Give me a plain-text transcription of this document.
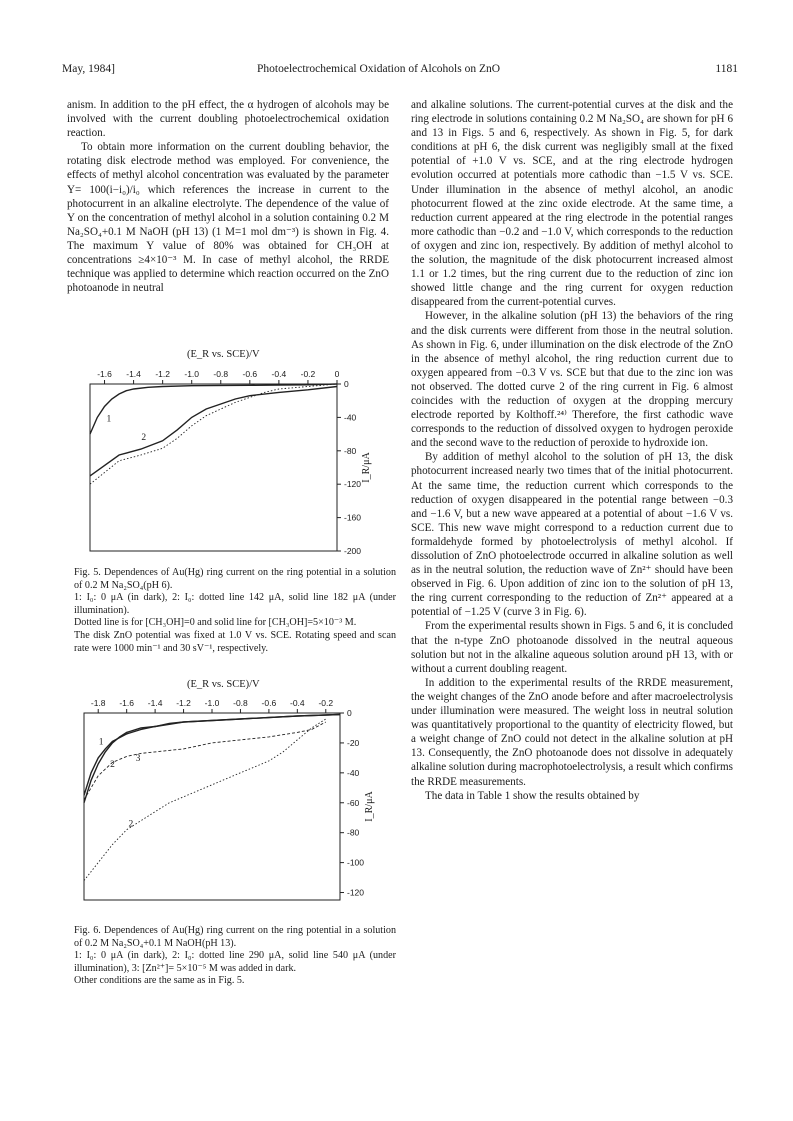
May, 1984]	Photoelectrochemical Oxidation of Alcohols on ZnO	1181

anism. In addition to the pH effect, the α hydrogen of alcohols may be involved with the current doubling photoelectrochemical oxidation reaction.

To obtain more information on the current doubling behavior, the rotating disk electrode method was employed. For convenience, the effects of methyl alcohol concentration was evaluated by the parameter Y= 100(i−i₀)/i₀ which references the increase in current to the photocurrent in an alkaline electrolyte. The dependence of the value of Y on the concentration of methyl alcohol in a solution containing 0.2 M Na₂SO₄+0.1 M NaOH (pH 13) (1 M=1 mol dm⁻³) is shown in Fig. 4. The maximum Y value of 80% was obtained for CH₃OH at concentrations ≥4×10⁻³ M. In case of methyl alcohol, the RRDE technique was applied to determine which reaction occurred on the ZnO photoanode in neutral

(E_R vs. SCE)/V
-1.6 -1.4 -1.2 -1.0 -0.8 -0.6 -0.4 -0.2 0
0
-40
-80
-120
-160
-200
I_R/μA
1
2

Fig. 5. Dependences of Au(Hg) ring current on the ring potential in a solution of 0.2 M Na₂SO₄(pH 6).

1: I₀: 0 μA (in dark), 2: I₀: dotted line 142 μA, solid line 182 μA (under illumination).

Dotted line is for [CH₃OH]=0 and solid line for [CH₃OH]=5×10⁻³ M.

The disk ZnO potential was fixed at 1.0 V vs. SCE. Rotating speed and scan rate were 1000 min⁻¹ and 30 sV⁻¹, respectively.

(E_R vs. SCE)/V
-1.8 -1.6 -1.4 -1.2 -1.0 -0.8 -0.6 -0.4 -0.2
0
-20
-40
-60
-80
-100
-120
I_R/μA
1
2
3
2

Fig. 6. Dependences of Au(Hg) ring current on the ring potential in a solution of 0.2 M Na₂SO₄+0.1 M NaOH(pH 13).

1: I₀: 0 μA (in dark), 2: I₀: dotted line 290 μA, solid line 540 μA (under illumination), 3: [Zn²⁺]= 5×10⁻⁵ M was added in dark.

Other conditions are the same as in Fig. 5.

and alkaline solutions. The current-potential curves at the disk and the ring electrode in solutions containing 0.2 M Na₂SO₄ are shown for pH 6 and 13 in Figs. 5 and 6, respectively. As shown in Fig. 5, for dark conditions at pH 6, the disk current was negligibly small at the fixed potential of +1.0 V vs. SCE, and at the ring electrode hydrogen evolution occurred at potentials more cathodic than −1.5 V vs. SCE. Under illumination in the absence of methyl alcohol, an anodic photocurrent flowed at the zinc oxide electrode. At the same time, a reduction current appeared at the ring electrode in the potential ranges more cathodic than −0.2 and −1.0 V, which corresponds to the reduction of oxygen and zinc ion, respectively. By addition of methyl alcohol to the solution, the magnitude of the disk photocurrent increased almost 1.1 or 1.2 times, but the ring current due to the reduction of zinc ion showed little change and the ring current for oxygen reduction disappeared from the current-potential curves.

However, in the alkaline solution (pH 13) the behaviors of the ring and the disk currents were different from those in the neutral solution. As shown in Fig. 6, under illumination on the disk electrode of the ZnO in the absence of methyl alcohol, the ring reduction current due to oxygen appeared from −0.3 V vs. SCE but that due to the zinc ion was not observed. The dotted curve 2 of the ring current in Fig. 6 almost coincides with the reduction of oxygen at the dropping mercury electrode reported by Kolthoff.²⁴⁾ Therefore, the first cathodic wave corresponds to the reduction of dissolved oxygen to hydrogen peroxide and the second wave to the reduction of peroxide to hydroxide ion.

By addition of methyl alcohol to the solution of pH 13, the disk photocurrent increased nearly two times that of the initial photocurrent. At the same time, the reduction current which corresponds to the reduction of oxygen disappeared in the potential range between −0.3 and −1.6 V, but a new wave appeared at a potential of about −1.6 V vs. SCE. This new wave might correspond to a reduction current due to formaldehyde formed by photoelectrolysis of methyl alcohol. If dissolution of ZnO photoelectrode occurred in alkaline solution as well as in the neutral solution, the reduction wave of Zn²⁺ should have been observed in Fig. 6. Upon addition of zinc ion to the solution of pH 13, the ring current corresponding to the reduction of Zn²⁺ appeared at a potential of −1.25 V (curve 3 in Fig. 6).

From the experimental results shown in Figs. 5 and 6, it is concluded that the n-type ZnO photoanode dissolved in the neutral aqueous solution but not in the alkaline aqueous solution around pH 13, with or without a current doubling reagent.

In addition to the experimental results of the RRDE measurement, the weight changes of the ZnO anode before and after macroelectrolysis under illumination were measured. The weight loss in neutral solution was quantitatively proportional to the quantity of electricity flowed, but a weight change of ZnO could not detect in the alkaline solution at pH 13. Consequently, the ZnO photoanode does not dissolve in adequately alkaline solution during macrophotoelectrolysis, a result which confirms the RRDE measurements.

The data in Table 1 show the results obtained by
